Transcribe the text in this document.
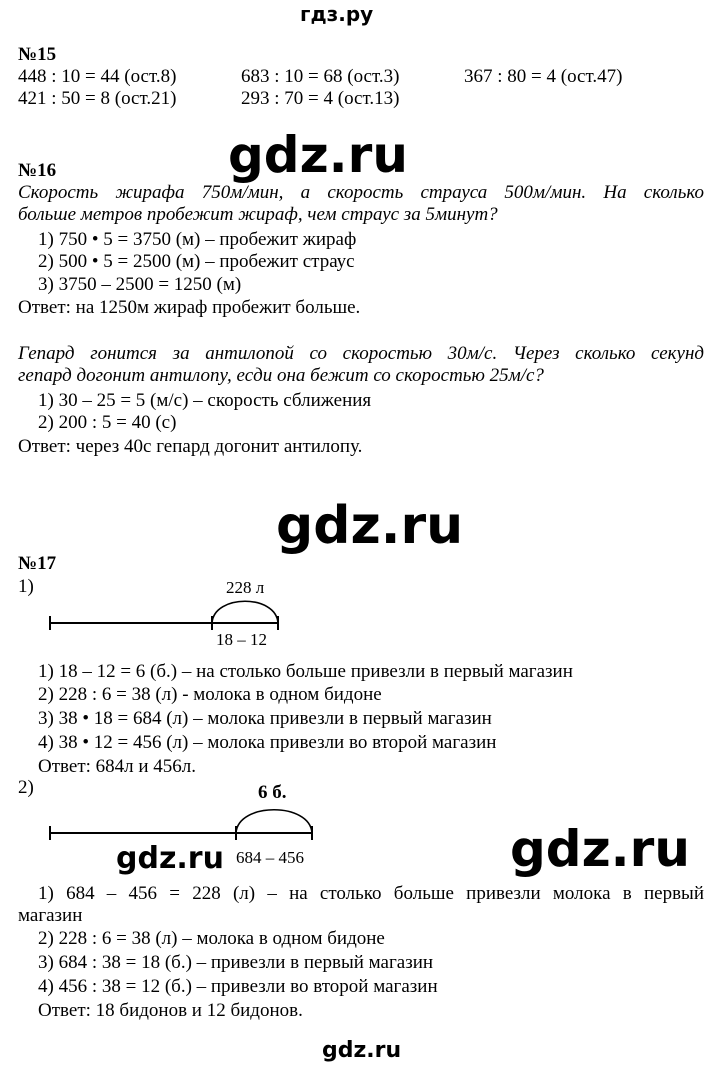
гдз.ру
№15
448 : 10 = 44 (ост.8)	683 : 10 = 68 (ост.3)	367 : 80 = 4 (ост.47)
421 : 50 = 8 (ост.21)	293 : 70 = 4 (ост.13)
gdz.ru
№16
Скорость жирафа 750м/мин, а скорость страуса 500м/мин. На сколько
больше метров пробежит жираф, чем страус за 5минут?
1) 750 • 5 = 3750 (м) – пробежит жираф
2) 500 • 5 = 2500 (м) – пробежит страус
3) 3750 – 2500 = 1250 (м)
Ответ: на 1250м жираф пробежит больше.
Гепард гонится за антилопой со скоростью 30м/с. Через сколько секунд
гепард догонит антилопу, есди она бежит со скоростью 25м/с?
1) 30 – 25 = 5 (м/с) – скорость сближения
2) 200 : 5 = 40 (с)
Ответ: через 40с гепард догонит антилопу.
gdz.ru
№17
1)	228 л
18 – 12
1) 18 – 12 = 6 (б.) – на столько больше привезли в первый магазин
2) 228 : 6 = 38 (л) - молока в одном бидоне
3) 38 • 18 = 684 (л) – молока привезли в первый магазин
4) 38 • 12 = 456 (л) – молока привезли во второй магазин
Ответ: 684л и 456л.
2)	6 б.
684 – 456
gdz.ru	gdz.ru
1) 684 – 456 = 228 (л) – на столько больше привезли молока в первый
магазин
2) 228 : 6 = 38 (л) – молока в одном бидоне
3) 684 : 38 = 18 (б.) – привезли в первый магазин
4) 456 : 38 = 12 (б.) – привезли во второй магазин
Ответ: 18 бидонов и 12 бидонов.
gdz.ru
